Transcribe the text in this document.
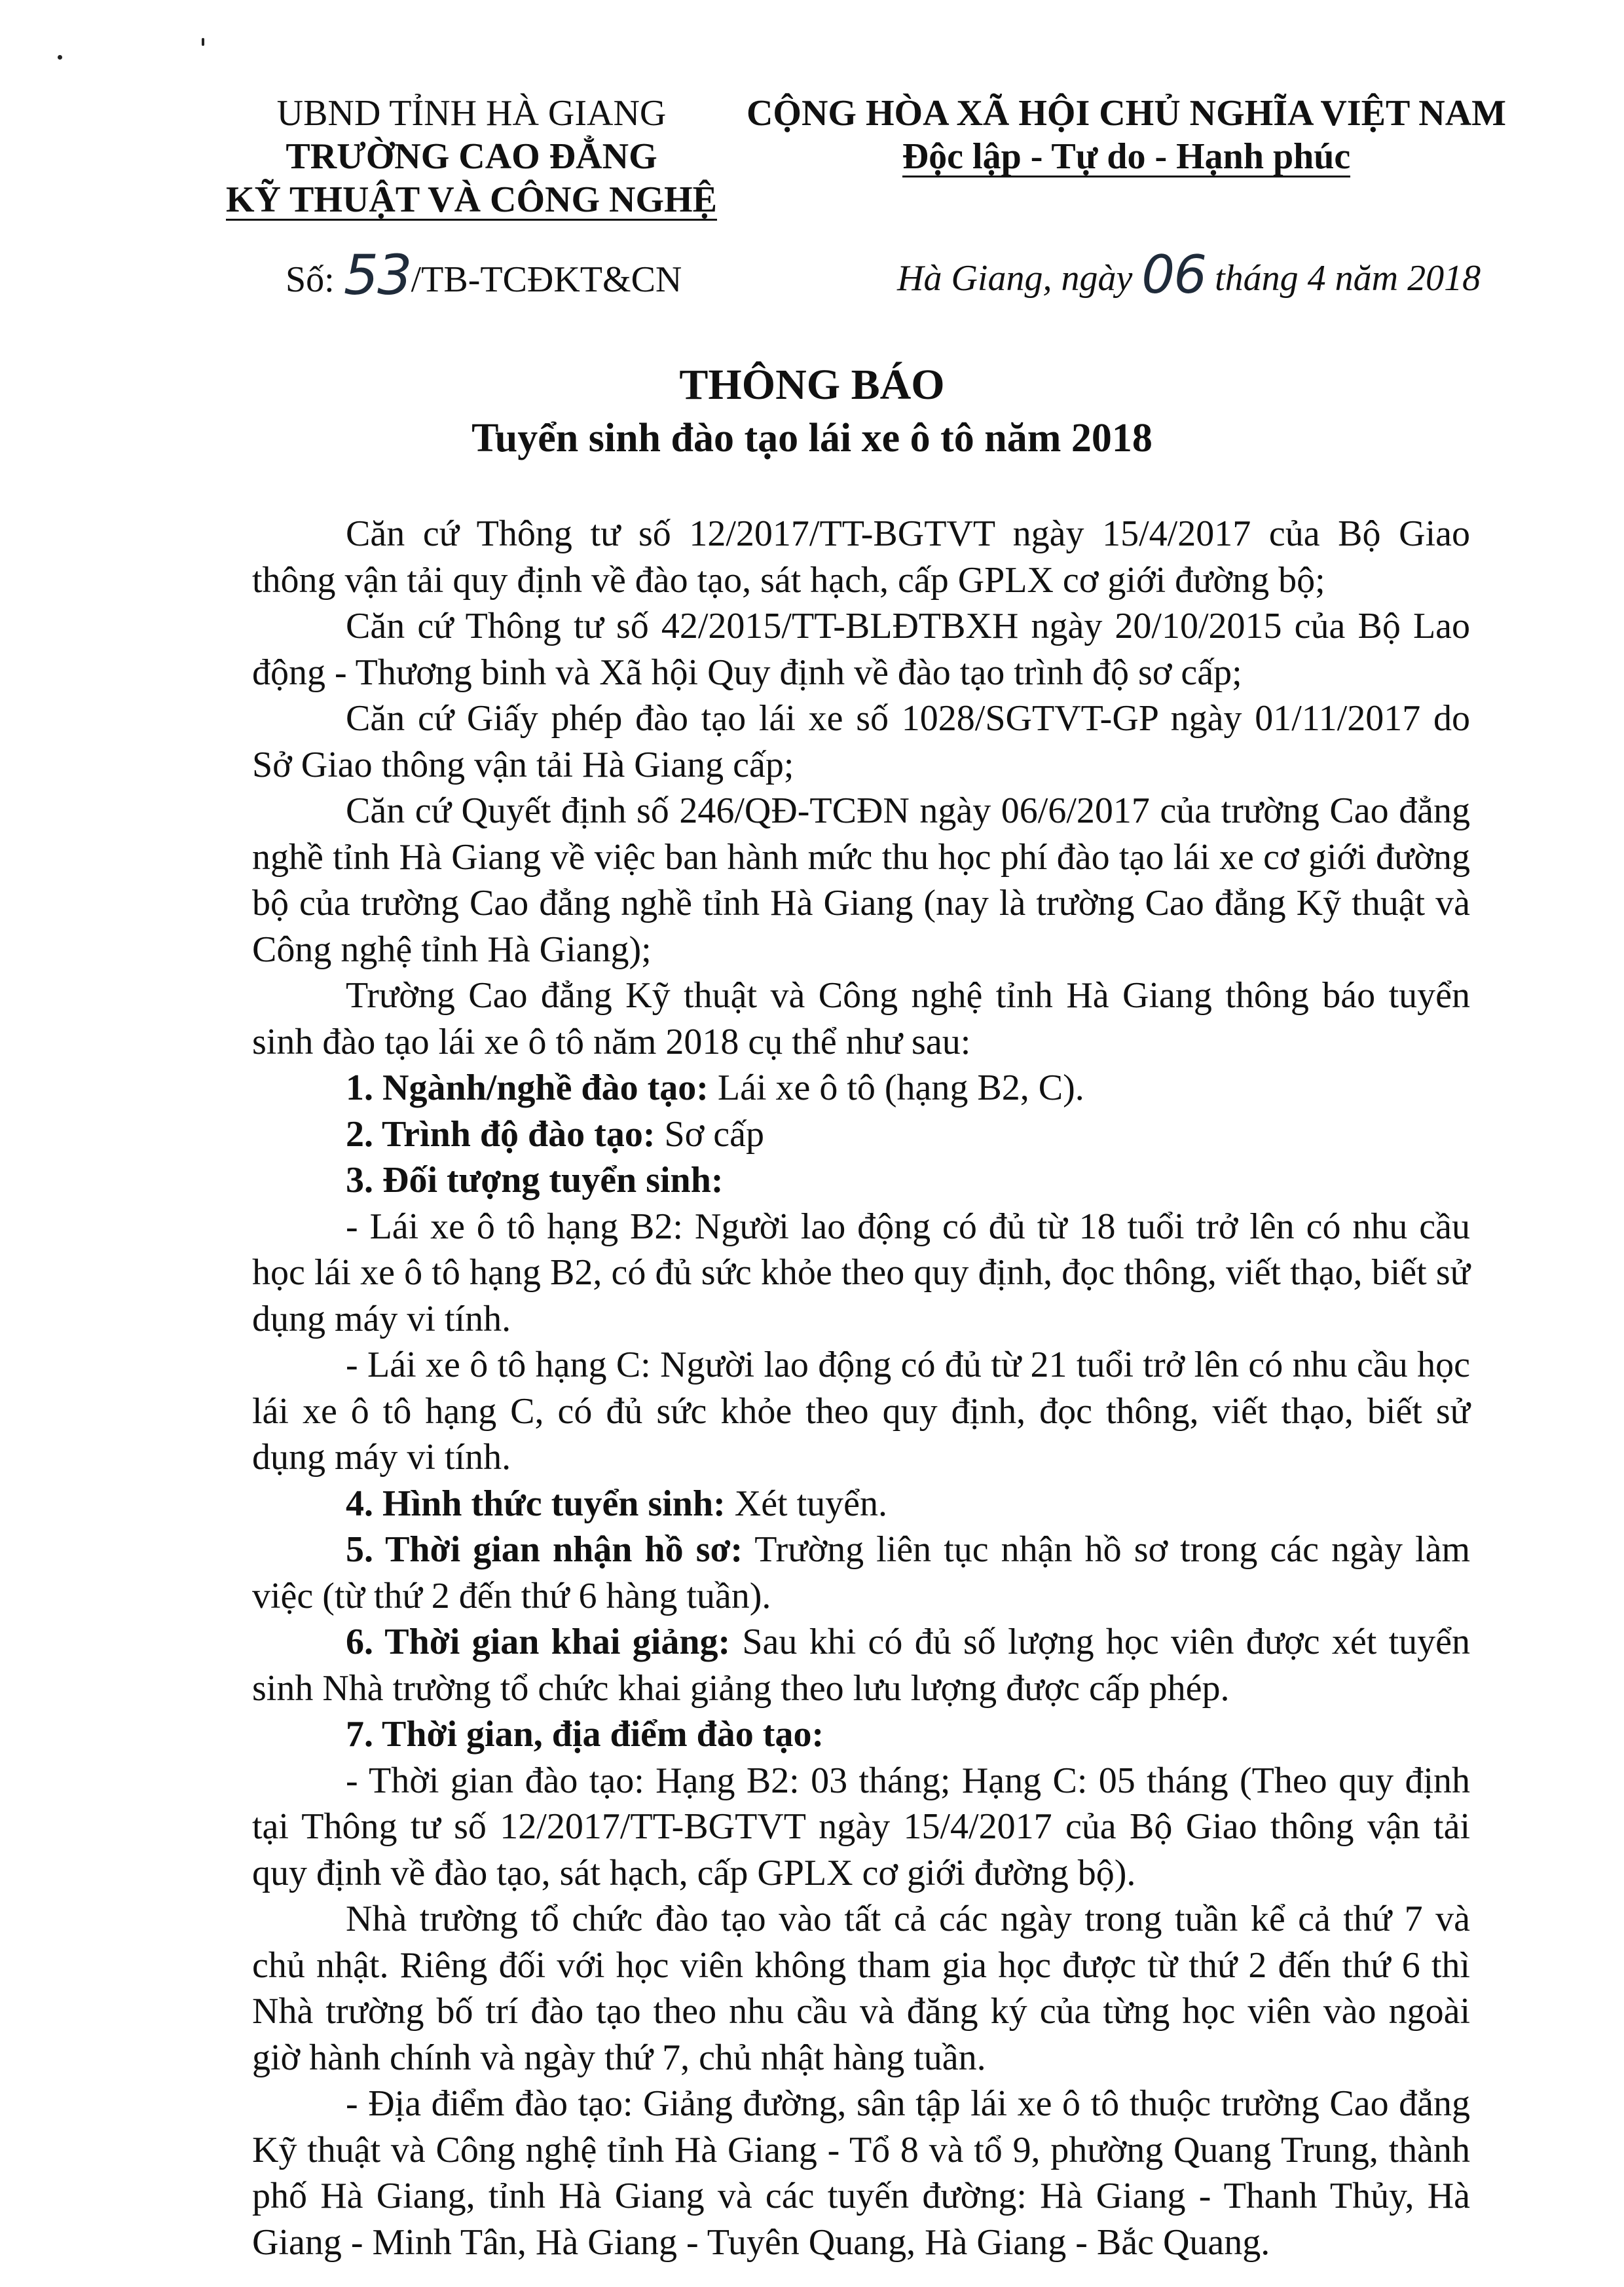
UBND TỈNH HÀ GIANG
TRƯỜNG CAO ĐẲNG
KỸ THUẬT VÀ CÔNG NGHỆ
CỘNG HÒA XÃ HỘI CHỦ NGHĨA VIỆT NAM
Độc lập - Tự do - Hạnh phúc
Số: 53/TB-TCĐKT&CN	Hà Giang, ngày 06 tháng 4 năm 2018
THÔNG BÁO
Tuyển sinh đào tạo lái xe ô tô năm 2018

Căn cứ Thông tư số 12/2017/TT-BGTVT ngày 15/4/2017 của Bộ Giao thông vận tải quy định về đào tạo, sát hạch, cấp GPLX cơ giới đường bộ;

Căn cứ Thông tư số 42/2015/TT-BLĐTBXH ngày 20/10/2015 của Bộ Lao động - Thương binh và Xã hội Quy định về đào tạo trình độ sơ cấp;

Căn cứ Giấy phép đào tạo lái xe số 1028/SGTVT-GP ngày 01/11/2017 do Sở Giao thông vận tải Hà Giang cấp;

Căn cứ Quyết định số 246/QĐ-TCĐN ngày 06/6/2017 của trường Cao đẳng nghề tỉnh Hà Giang về việc ban hành mức thu học phí đào tạo lái xe cơ giới đường bộ của trường Cao đẳng nghề tỉnh Hà Giang (nay là trường Cao đẳng Kỹ thuật và Công nghệ tỉnh Hà Giang);

Trường Cao đẳng Kỹ thuật và Công nghệ tỉnh Hà Giang thông báo tuyển sinh đào tạo lái xe ô tô năm 2018 cụ thể như sau:

1. Ngành/nghề đào tạo: Lái xe ô tô (hạng B2, C).

2. Trình độ đào tạo: Sơ cấp

3. Đối tượng tuyển sinh:

- Lái xe ô tô hạng B2: Người lao động có đủ từ 18 tuổi trở lên có nhu cầu học lái xe ô tô hạng B2, có đủ sức khỏe theo quy định, đọc thông, viết thạo, biết sử dụng máy vi tính.

- Lái xe ô tô hạng C: Người lao động có đủ từ 21 tuổi trở lên có nhu cầu học lái xe ô tô hạng C, có đủ sức khỏe theo quy định, đọc thông, viết thạo, biết sử dụng máy vi tính.

4. Hình thức tuyển sinh: Xét tuyển.

5. Thời gian nhận hồ sơ: Trường liên tục nhận hồ sơ trong các ngày làm việc (từ thứ 2 đến thứ 6 hàng tuần).

6. Thời gian khai giảng: Sau khi có đủ số lượng học viên được xét tuyển sinh Nhà trường tổ chức khai giảng theo lưu lượng được cấp phép.

7. Thời gian, địa điểm đào tạo:

- Thời gian đào tạo: Hạng B2: 03 tháng; Hạng C: 05 tháng (Theo quy định tại Thông tư số 12/2017/TT-BGTVT ngày 15/4/2017 của Bộ Giao thông vận tải quy định về đào tạo, sát hạch, cấp GPLX cơ giới đường bộ).

Nhà trường tổ chức đào tạo vào tất cả các ngày trong tuần kể cả thứ 7 và chủ nhật. Riêng đối với học viên không tham gia học được từ thứ 2 đến thứ 6 thì Nhà trường bố trí đào tạo theo nhu cầu và đăng ký của từng học viên vào ngoài giờ hành chính và ngày thứ 7, chủ nhật hàng tuần.

- Địa điểm đào tạo: Giảng đường, sân tập lái xe ô tô thuộc trường Cao đẳng Kỹ thuật và Công nghệ tỉnh Hà Giang - Tổ 8 và tổ 9, phường Quang Trung, thành phố Hà Giang, tỉnh Hà Giang và các tuyến đường: Hà Giang - Thanh Thủy, Hà Giang - Minh Tân, Hà Giang - Tuyên Quang, Hà Giang - Bắc Quang.
